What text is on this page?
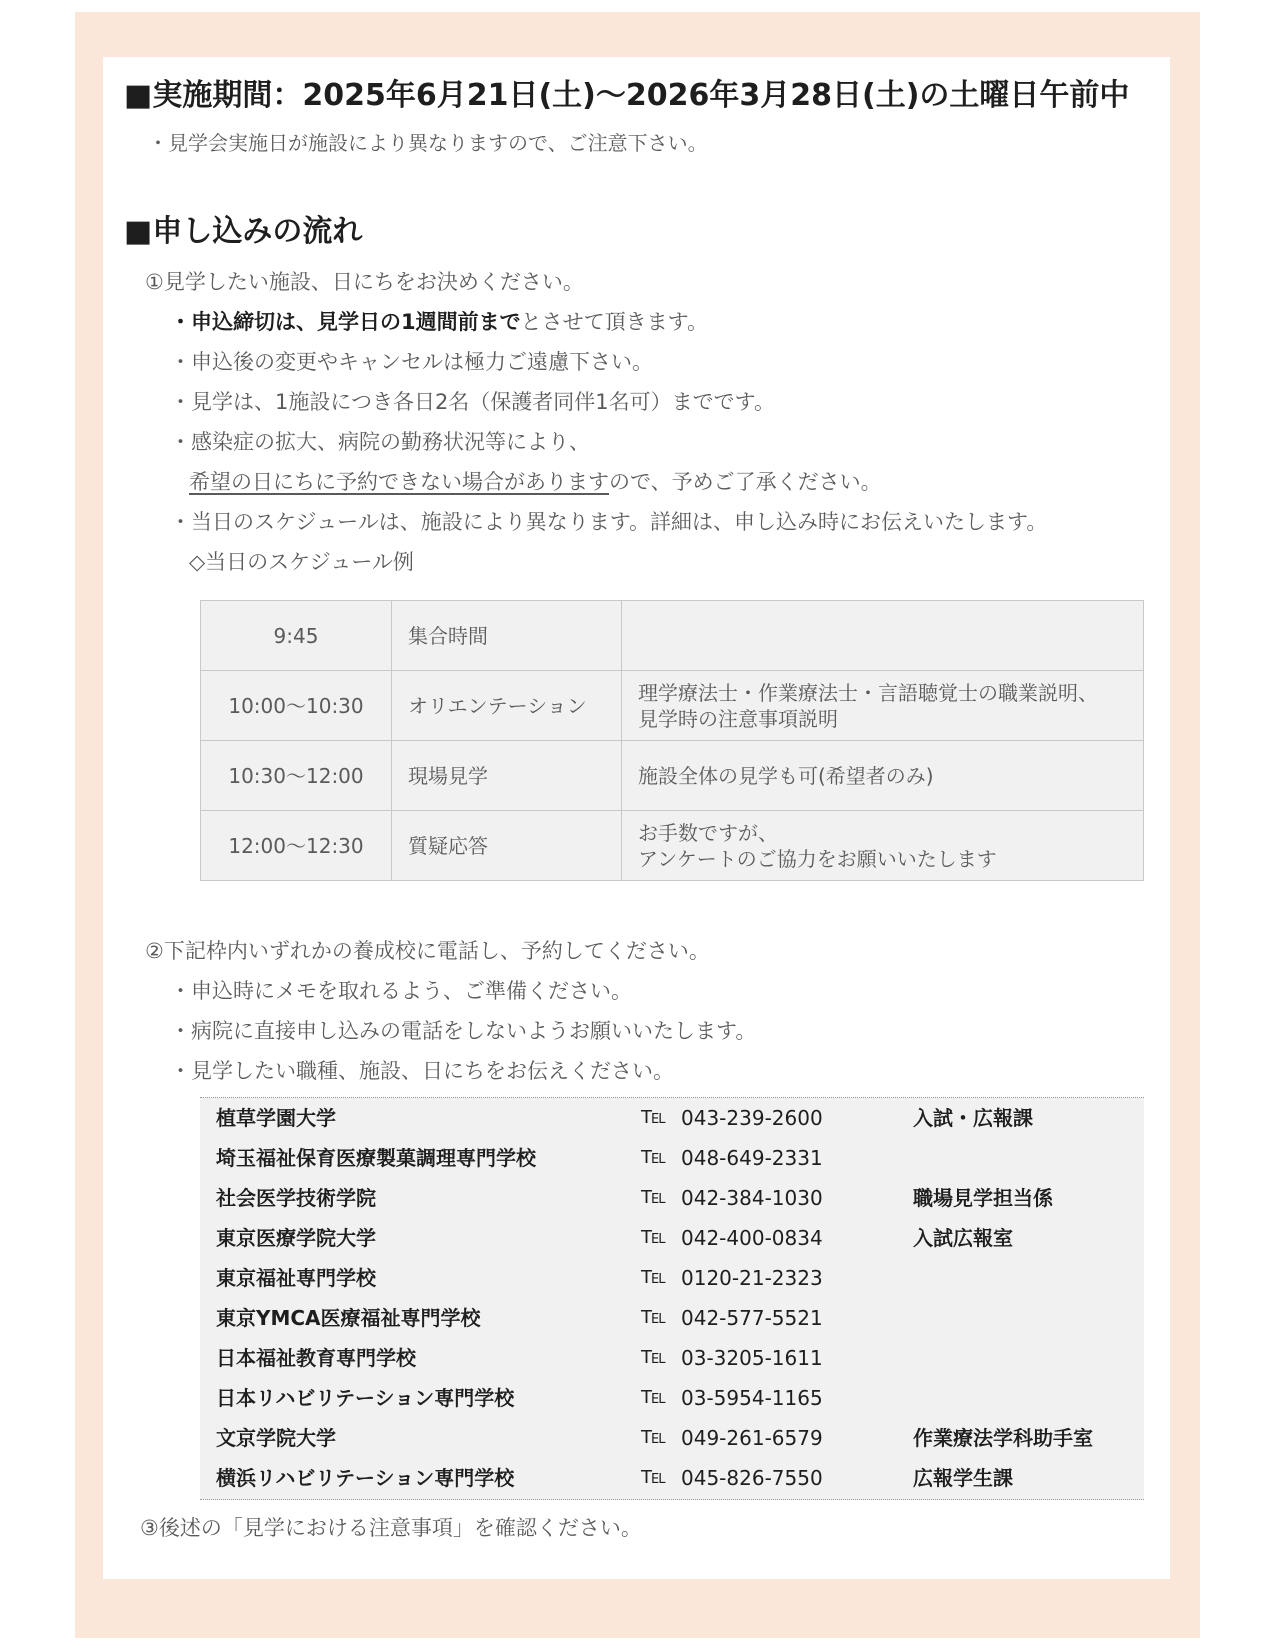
■実施期間：2025年6月21日(土)〜2026年3月28日(土)の土曜日午前中
・見学会実施日が施設により異なりますので、ご注意下さい。
■申し込みの流れ
①見学したい施設、日にちをお決めください。
・申込締切は、見学日の1週間前までとさせて頂きます。
・申込後の変更やキャンセルは極力ご遠慮下さい。
・見学は、1施設につき各日2名（保護者同伴1名可）までです。
・感染症の拡大、病院の勤務状況等により、
希望の日にちに予約できない場合がありますので、予めご了承ください。
・当日のスケジュールは、施設により異なります。詳細は、申し込み時にお伝えいたします。
◇当日のスケジュール例
9:45	集合時間	
10:00〜10:30	オリエンテーション	理学療法士・作業療法士・言語聴覚士の職業説明、
見学時の注意事項説明

10:30〜12:00	現場見学	施設全体の見学も可(希望者のみ)

12:00〜12:30	質疑応答	お手数ですが、
アンケートのご協力をお願いいたします
②下記枠内いずれかの養成校に電話し、予約してください。
・申込時にメモを取れるよう、ご準備ください。
・病院に直接申し込みの電話をしないようお願いいたします。
・見学したい職種、施設、日にちをお伝えください。
植草学園大学	TEL 043-239-2600	入試・広報課
埼玉福祉保育医療製菓調理専門学校	TEL 048-649-2331
社会医学技術学院	TEL 042-384-1030	職場見学担当係
東京医療学院大学	TEL 042-400-0834	入試広報室
東京福祉専門学校	TEL 0120-21-2323
東京YMCA医療福祉専門学校	TEL 042-577-5521
日本福祉教育専門学校	TEL 03-3205-1611
日本リハビリテーション専門学校	TEL 03-5954-1165
文京学院大学	TEL 049-261-6579	作業療法学科助手室
横浜リハビリテーション専門学校	TEL 045-826-7550	広報学生課
③後述の「見学における注意事項」を確認ください。
